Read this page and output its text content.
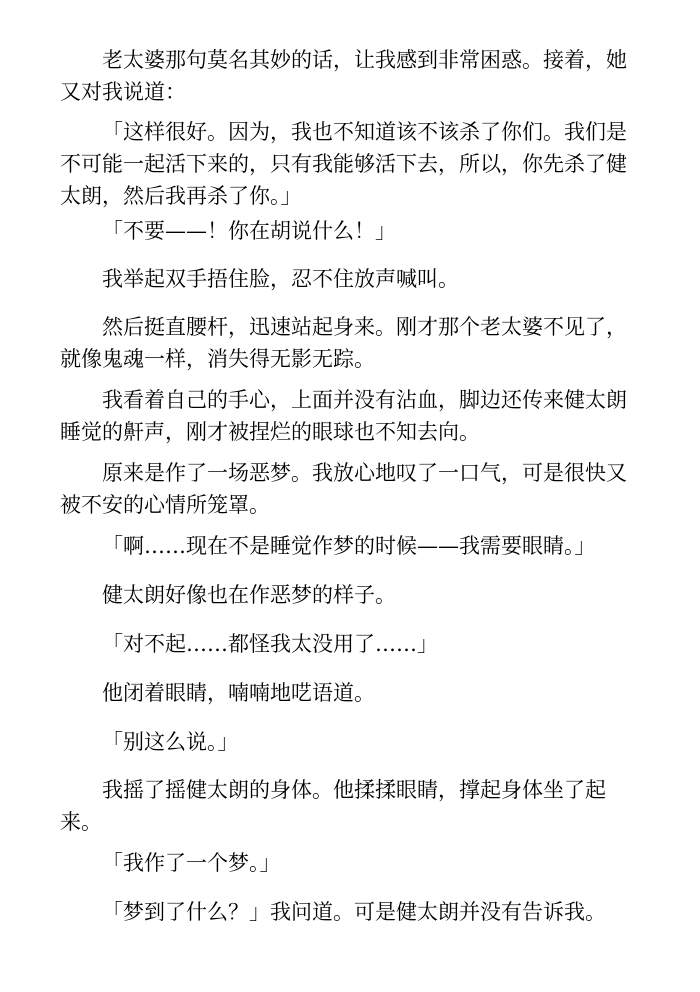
老太婆那句莫名其妙的话，让我感到非常困惑。接着，她又对我说道：

「这样很好。因为，我也不知道该不该杀了你们。我们是不可能一起活下来的，只有我能够活下去，所以，你先杀了健太朗，然后我再杀了你。」

「不要——！你在胡说什么！」

我举起双手捂住脸，忍不住放声喊叫。

然后挺直腰杆，迅速站起身来。刚才那个老太婆不见了，就像鬼魂一样，消失得无影无踪。

我看着自己的手心，上面并没有沾血，脚边还传来健太朗睡觉的鼾声，刚才被捏烂的眼球也不知去向。

原来是作了一场恶梦。我放心地叹了一口气，可是很快又被不安的心情所笼罩。

「啊……现在不是睡觉作梦的时候——我需要眼睛。」

健太朗好像也在作恶梦的样子。

「对不起……都怪我太没用了……」

他闭着眼睛，喃喃地呓语道。

「别这么说。」

我摇了摇健太朗的身体。他揉揉眼睛，撑起身体坐了起来。

「我作了一个梦。」

「梦到了什么？」我问道。可是健太朗并没有告诉我。
